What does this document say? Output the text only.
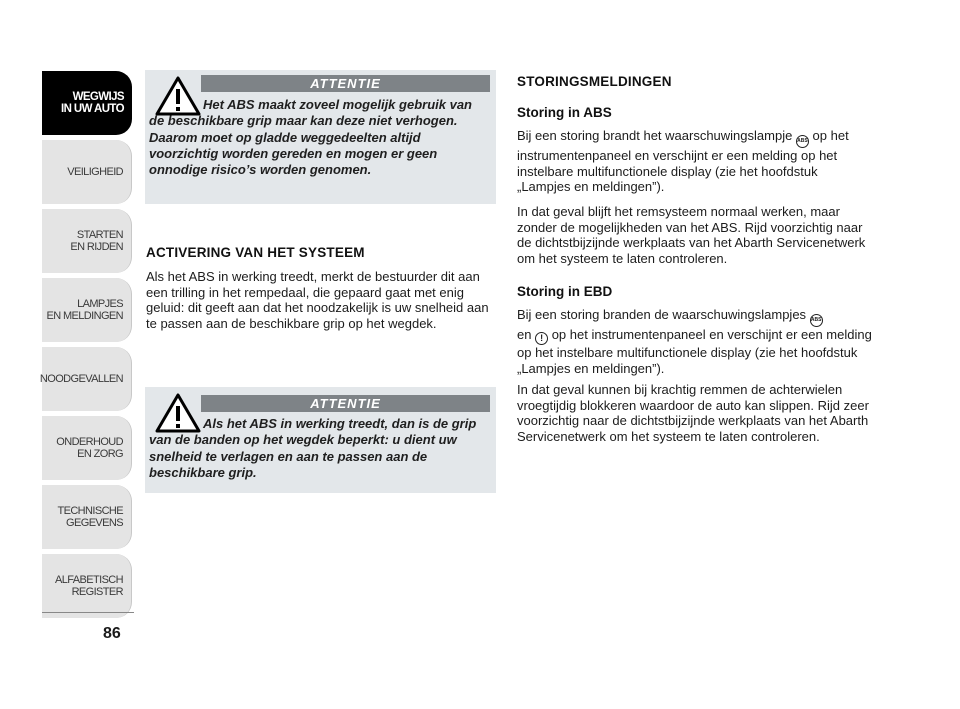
WEGWIJS
IN UW AUTO
VEILIGHEID
STARTEN
EN RIJDEN
LAMPJES
EN MELDINGEN
NOODGEVALLEN
ONDERHOUD
EN ZORG
TECHNISCHE
GEGEVENS
ALFABETISCH
REGISTER
86
ATTENTIE
Het ABS maakt zoveel mogelijk gebruik van de beschikbare grip maar kan deze niet verhogen. Daarom moet op gladde weggedeelten altijd voorzichtig worden gereden en mogen er geen onnodige risico’s worden genomen.
ACTIVERING VAN HET SYSTEEM
Als het ABS in werking treedt, merkt de bestuurder dit aan een trilling in het rempedaal, die gepaard gaat met enig geluid: dit geeft aan dat het noodzakelijk is uw snelheid aan te passen aan de beschikbare grip op het wegdek.
ATTENTIE
Als het ABS in werking treedt, dan is de grip van de banden op het wegdek beperkt: u dient uw snelheid te verlagen en aan te passen aan de beschikbare grip.
STORINGSMELDINGEN
Storing in ABS
Bij een storing brandt het waarschuwingslampje ABS op het instrumentenpaneel en verschijnt er een melding op het instelbare multifunctionele display (zie het hoofdstuk „Lampjes en meldingen”).
In dat geval blijft het remsysteem normaal werken, maar zonder de mogelijkheden van het ABS. Rijd voorzichtig naar de dichtstbijzijnde werkplaats van het Abarth Servicenetwerk om het systeem te laten controleren.
Storing in EBD
Bij een storing branden de waarschuwingslampjes ABS
en ! op het instrumentenpaneel en verschijnt er een melding op het instelbare multifunctionele display (zie het hoofdstuk „Lampjes en meldingen”).
In dat geval kunnen bij krachtig remmen de achterwielen vroegtijdig blokkeren waardoor de auto kan slippen. Rijd zeer voorzichtig naar de dichtstbijzijnde werkplaats van het Abarth Servicenetwerk om het systeem te laten controleren.
